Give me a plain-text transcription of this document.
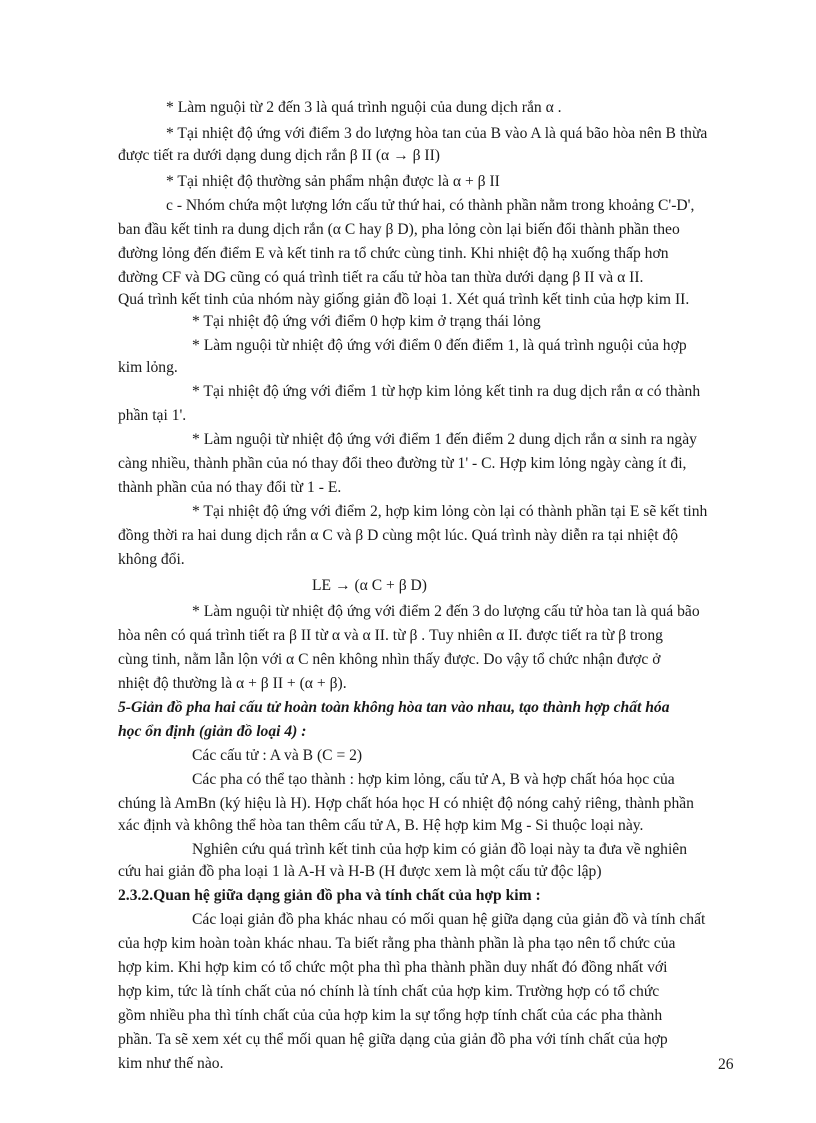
* Làm nguội từ 2 đến 3 là quá trình nguội của dung dịch rắn α .
* Tại nhiệt độ ứng với điểm 3 do lượng hòa tan của B vào A là quá bão hòa nên B thừa
được tiết ra dưới dạng dung dịch rắn β II (α → β II)
* Tại nhiệt độ thường sản phẩm nhận được là α + β II
c - Nhóm chứa một lượng lớn cấu tử thứ hai, có thành phần nằm trong khoảng C'-D',
ban đầu kết tinh ra dung dịch rắn (α C hay β D), pha lỏng còn lại biến đổi thành phần theo
đường lỏng đến điểm E và kết tinh ra tổ chức cùng tinh. Khi nhiệt độ hạ xuống thấp hơn
đường CF và DG cũng có quá trình tiết ra cấu tử hòa tan thừa dưới dạng β II và α II.
Quá trình kết tinh của nhóm này giống giản đồ loại 1. Xét quá trình kết tinh của hợp kim II.
* Tại nhiệt độ ứng với điểm 0 hợp kim ở trạng thái lỏng
* Làm nguội từ nhiệt độ ứng với điểm 0 đến điểm 1, là quá trình nguội của hợp
kim lỏng.
* Tại nhiệt độ ứng với điểm 1 từ hợp kim lỏng kết tinh ra dug dịch rắn α có thành
phần tại 1'.
* Làm nguội từ nhiệt độ ứng với điểm 1 đến điểm 2 dung dịch rắn α sinh ra ngày
càng nhiều, thành phần của nó thay đổi theo đường từ 1' - C. Hợp kim lỏng ngày càng ít đi,
thành phần của nó thay đổi từ 1 - E.
* Tại nhiệt độ ứng với điểm 2, hợp kim lỏng còn lại có thành phần tại E sẽ kết tinh
đồng thời ra hai dung dịch rắn α C và β D cùng một lúc. Quá trình này diễn ra tại nhiệt độ
không đổi.
LE → (α C + β D)
* Làm nguội từ nhiệt độ ứng với điểm 2 đến 3 do lượng cấu tử hòa tan là quá bão
hòa nên có quá trình tiết ra β II từ α và α II. từ β . Tuy nhiên α II. được tiết ra từ β trong
cùng tinh, nằm lẫn lộn với α C nên không nhìn thấy được. Do vậy tổ chức nhận được ở
nhiệt độ thường là α + β II + (α + β).
5-Giản đồ pha hai cấu tử hoàn toàn không hòa tan vào nhau, tạo thành hợp chất hóa
học ổn định (giản đồ loại 4) :
Các cấu tử : A và B (C = 2)
Các pha có thể tạo thành : hợp kim lỏng, cấu tử A, B và hợp chất hóa học của
chúng là AmBn (ký hiệu là H). Hợp chất hóa học H có nhiệt độ nóng cahỷ riêng, thành phần
xác định và không thể hòa tan thêm cấu tử A, B. Hệ hợp kim Mg - Si thuộc loại này.
Nghiên cứu quá trình kết tinh của hợp kim có giản đồ loại này ta đưa về nghiên
cứu hai giản đồ pha loại 1 là A-H và H-B (H được xem là một cấu tử độc lập)
2.3.2.Quan hệ giữa dạng giản đồ pha và tính chất của hợp kim :
Các loại giản đồ pha khác nhau có mối quan hệ giữa dạng của giản đồ và tính chất
của hợp kim hoàn toàn khác nhau. Ta biết rằng pha thành phần là pha tạo nên tổ chức của
hợp kim. Khi hợp kim có tổ chức một pha thì pha thành phần duy nhất đó đồng nhất với
hợp kim, tức là tính chất của nó chính là tính chất của hợp kim. Trường hợp có tổ chức
gồm nhiều pha thì tính chất của của hợp kim la sự tổng hợp tính chất của các pha thành
phần. Ta sẽ xem xét cụ thể mối quan hệ giữa dạng của giản đồ pha với tính chất của hợp
kim như thế nào.	26
